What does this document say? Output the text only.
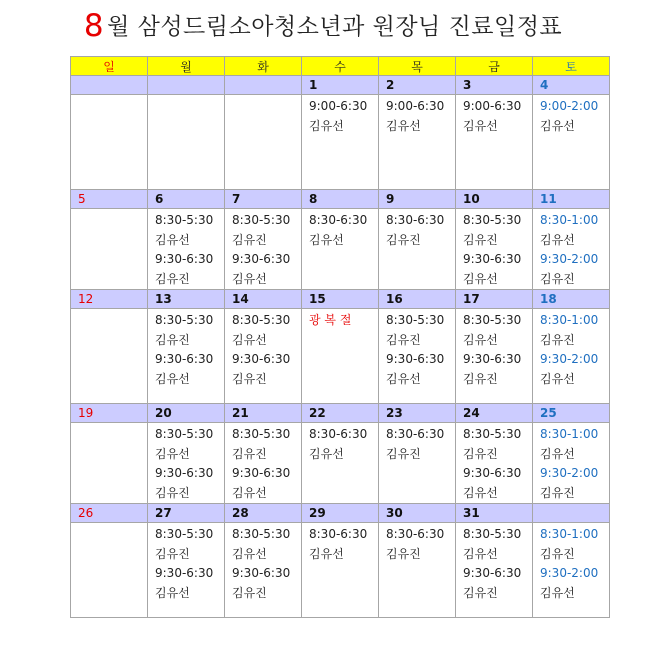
8 월 삼성드림소아청소년과 원장님 진료일정표
일	월	화	수	목	금	토
			1	2	3	4

			9:00-6:30
김유선	9:00-6:30
김유선	9:00-6:30
김유선	9:00-2:00
김유선

5	6	7	8	9	10	11

	8:30-5:30
김유선
9:30-6:30
김유진	8:30-5:30
김유진
9:30-6:30
김유선	8:30-6:30
김유선	8:30-6:30
김유진	8:30-5:30
김유진
9:30-6:30
김유선	8:30-1:00
김유선
9:30-2:00
김유진

12	13	14	15	16	17	18

	8:30-5:30
김유진
9:30-6:30
김유선	8:30-5:30
김유선
9:30-6:30
김유진	광 복 절	8:30-5:30
김유진
9:30-6:30
김유선	8:30-5:30
김유선
9:30-6:30
김유진	8:30-1:00
김유진
9:30-2:00
김유선

19	20	21	22	23	24	25

	8:30-5:30
김유선
9:30-6:30
김유진	8:30-5:30
김유진
9:30-6:30
김유선	8:30-6:30
김유선	8:30-6:30
김유진	8:30-5:30
김유진
9:30-6:30
김유선	8:30-1:00
김유선
9:30-2:00
김유진

26	27	28	29	30	31	

	8:30-5:30
김유진
9:30-6:30
김유선	8:30-5:30
김유선
9:30-6:30
김유진	8:30-6:30
김유선	8:30-6:30
김유진	8:30-5:30
김유선
9:30-6:30
김유진	8:30-1:00
김유진
9:30-2:00
김유선
